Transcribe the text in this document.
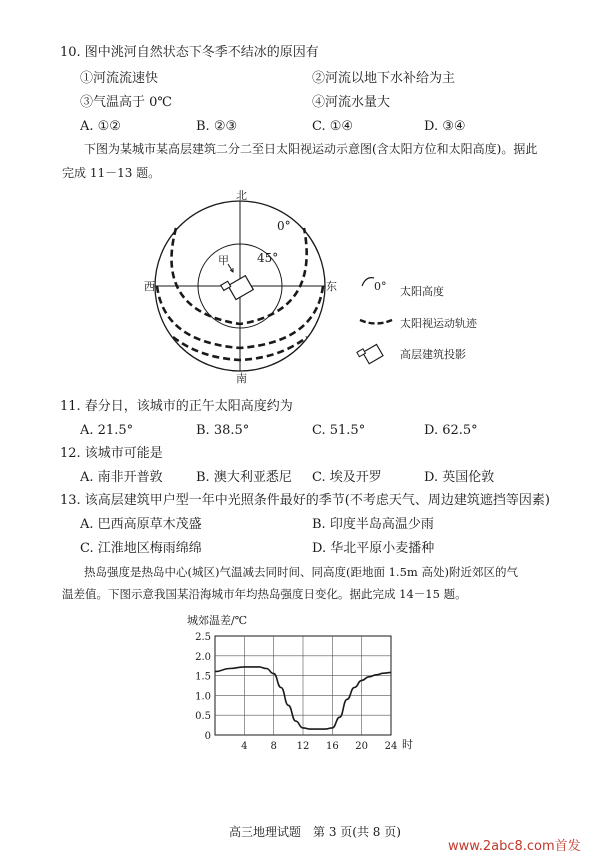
10. 图中洮河自然状态下冬季不结冰的原因有
①河流流速快	②河流以地下水补给为主
③气温高于 0℃	④河流水量大
A. ①②	B. ②③	C. ①④	D. ③④
下图为某城市某高层建筑二分二至日太阳视运动示意图(含太阳方位和太阳高度)。据此
完成 11－13 题。
北
南
东
西
0°
45°
甲
0° 太阳高度
太阳视运动轨迹
高层建筑投影
11. 春分日，该城市的正午太阳高度约为
A. 21.5°	B. 38.5°	C. 51.5°	D. 62.5°
12. 该城市可能是
A. 南非开普敦	B. 澳大利亚悉尼 C. 埃及开罗	D. 英国伦敦
13. 该高层建筑甲户型一年中光照条件最好的季节(不考虑天气、周边建筑遮挡等因素)
A. 巴西高原草木茂盛	B. 印度半岛高温少雨
C. 江淮地区梅雨绵绵	D. 华北平原小麦播种
热岛强度是热岛中心(城区)气温减去同时间、同高度(距地面 1.5m 高处)附近郊区的气
温差值。下图示意我国某沿海城市年均热岛强度日变化。据此完成 14－15 题。
城郊温差/℃
0
0.5
1.0
1.5
2.0
2.5
4 8 12 16 20 24 时
高三地理试题　第 3 页(共 8 页)
www.2abc8.com首发
